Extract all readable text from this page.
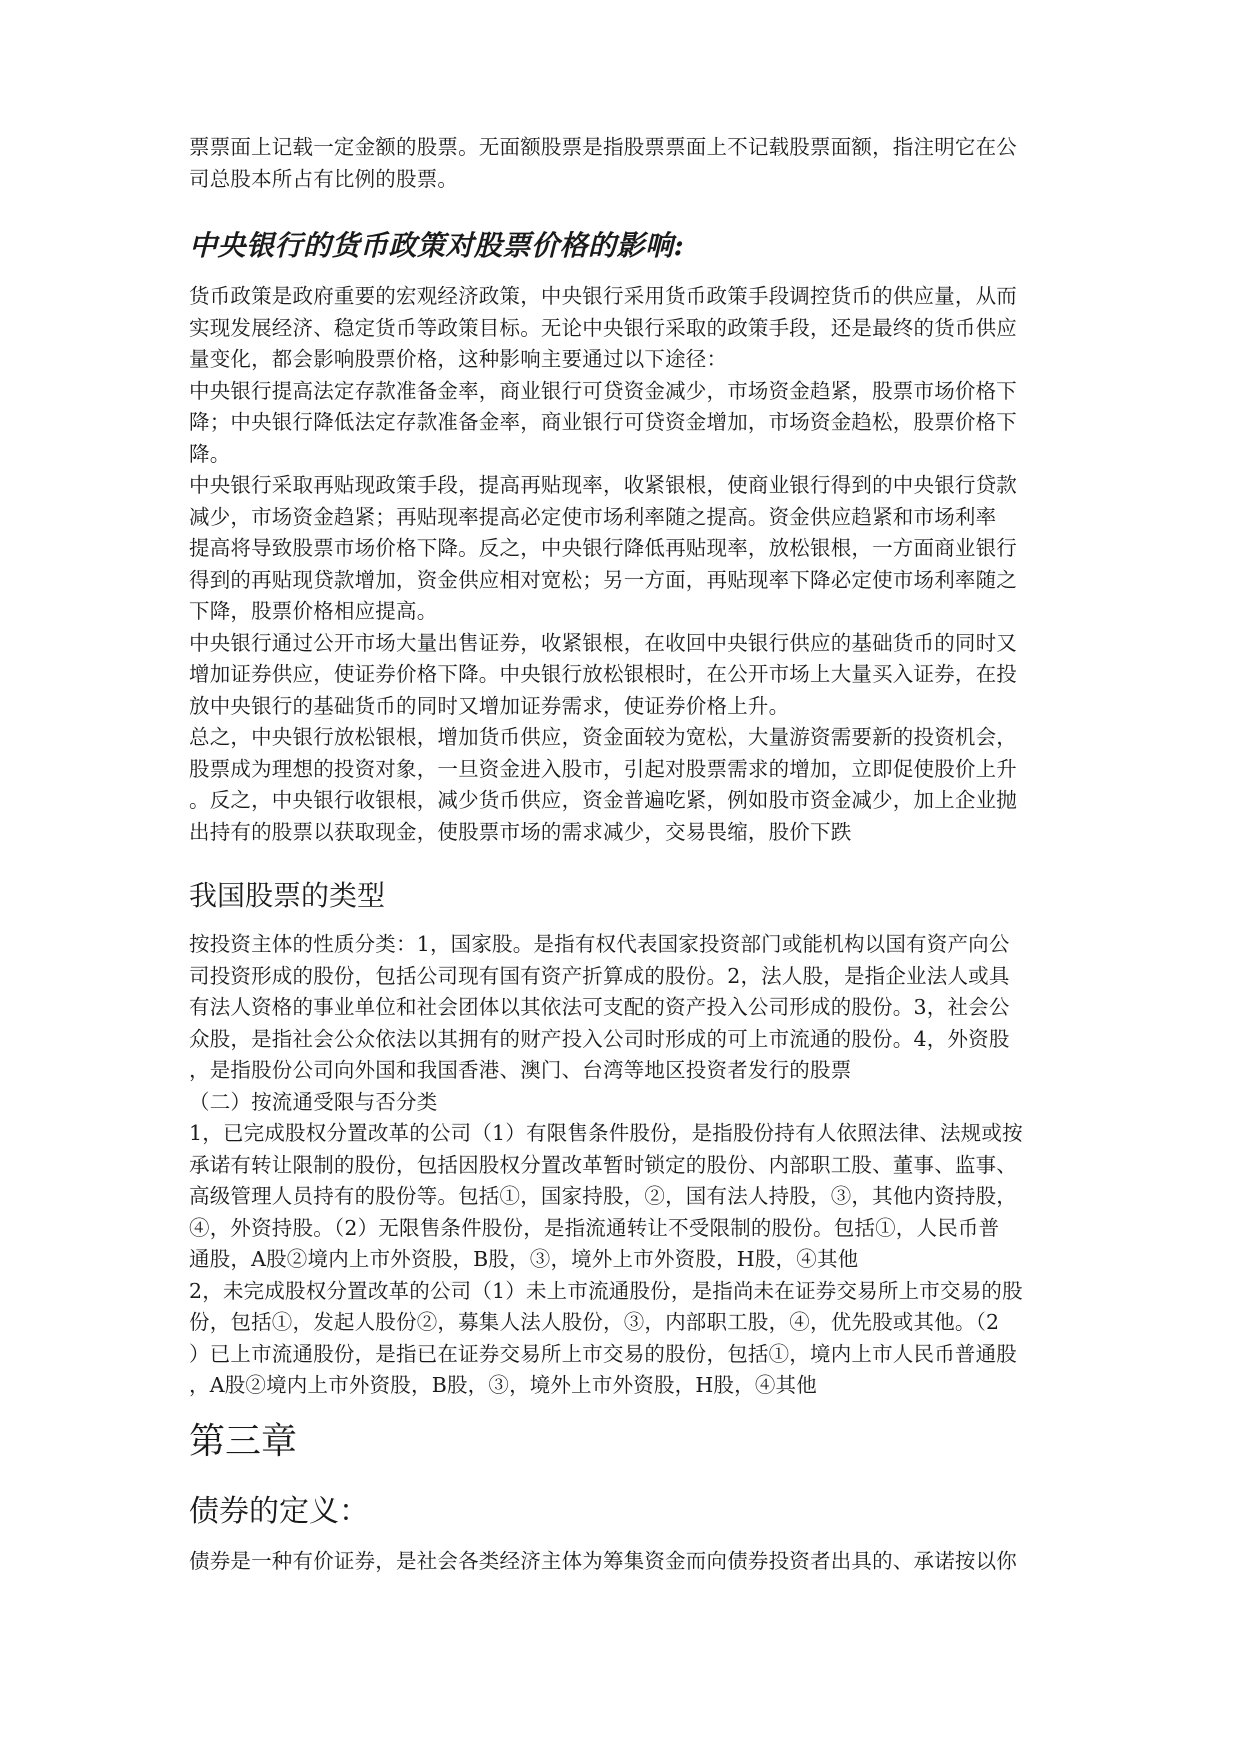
票票面上记载一定金额的股票。无面额股票是指股票票面上不记载股票面额，指注明它在公

司总股本所占有比例的股票。

中央银行的货币政策对股票价格的影响:

货币政策是政府重要的宏观经济政策，中央银行采用货币政策手段调控货币的供应量，从而

实现发展经济、稳定货币等政策目标。无论中央银行采取的政策手段，还是最终的货币供应

量变化，都会影响股票价格，这种影响主要通过以下途径：

中央银行提高法定存款准备金率，商业银行可贷资金减少，市场资金趋紧，股票市场价格下

降；中央银行降低法定存款准备金率，商业银行可贷资金增加，市场资金趋松，股票价格下

降。

中央银行采取再贴现政策手段，提高再贴现率，收紧银根，使商业银行得到的中央银行贷款

减少，市场资金趋紧；再贴现率提高必定使市场利率随之提高。资金供应趋紧和市场利率

提高将导致股票市场价格下降。反之，中央银行降低再贴现率，放松银根，一方面商业银行

得到的再贴现贷款增加，资金供应相对宽松；另一方面，再贴现率下降必定使市场利率随之

下降，股票价格相应提高。

中央银行通过公开市场大量出售证券，收紧银根，在收回中央银行供应的基础货币的同时又

增加证券供应，使证券价格下降。中央银行放松银根时，在公开市场上大量买入证券，在投

放中央银行的基础货币的同时又增加证券需求，使证券价格上升。

总之，中央银行放松银根，增加货币供应，资金面较为宽松，大量游资需要新的投资机会，

股票成为理想的投资对象，一旦资金进入股市，引起对股票需求的增加，立即促使股价上升

。反之，中央银行收银根，减少货币供应，资金普遍吃紧，例如股市资金减少，加上企业抛

出持有的股票以获取现金，使股票市场的需求减少，交易畏缩，股价下跌

我国股票的类型

按投资主体的性质分类：1，国家股。是指有权代表国家投资部门或能机构以国有资产向公

司投资形成的股份，包括公司现有国有资产折算成的股份。2，法人股，是指企业法人或具

有法人资格的事业单位和社会团体以其依法可支配的资产投入公司形成的股份。3，社会公

众股，是指社会公众依法以其拥有的财产投入公司时形成的可上市流通的股份。4，外资股

，是指股份公司向外国和我国香港、澳门、台湾等地区投资者发行的股票

（二）按流通受限与否分类

1，已完成股权分置改革的公司（1）有限售条件股份，是指股份持有人依照法律、法规或按

承诺有转让限制的股份，包括因股权分置改革暂时锁定的股份、内部职工股、董事、监事、

高级管理人员持有的股份等。包括①，国家持股，②，国有法人持股，③，其他内资持股，

④，外资持股。（2）无限售条件股份，是指流通转让不受限制的股份。包括①，人民币普

通股，A股②境内上市外资股，B股，③，境外上市外资股，H股，④其他

2，未完成股权分置改革的公司（1）未上市流通股份，是指尚未在证券交易所上市交易的股

份，包括①，发起人股份②，募集人法人股份，③，内部职工股，④，优先股或其他。（2

）已上市流通股份，是指已在证券交易所上市交易的股份，包括①，境内上市人民币普通股

，A股②境内上市外资股，B股，③，境外上市外资股，H股，④其他

第三章
债券的定义：

债券是一种有价证券，是社会各类经济主体为筹集资金而向债券投资者出具的、承诺按以你
